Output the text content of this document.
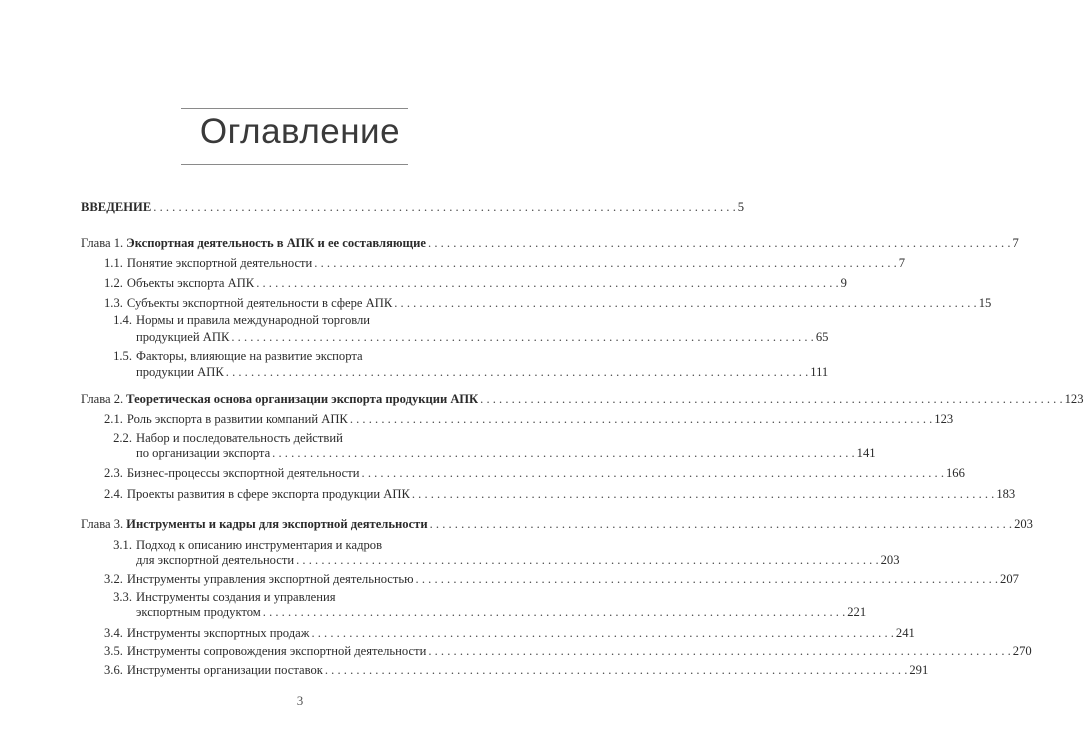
Оглавление
ВВЕДЕНИЕ . . .	5
Глава 1. Экспортная деятельность в АПК и ее составляющие . . .	7
1.1. Понятие экспортной деятельности . . .	7
1.2. Объекты экспорта АПК . . .	9
1.3. Субъекты экспортной деятельности в сфере АПК . . .	15
1.4. Нормы и правила международной торговли
продукцией АПК . . .	65
1.5. Факторы, влияющие на развитие экспорта
продукции АПК . . .	111
Глава 2. Теоретическая основа организации экспорта продукции АПК . . .	123
2.1. Роль экспорта в развитии компаний АПК . . .	123
2.2. Набор и последовательность действий
по организации экспорта . . .	141
2.3. Бизнес-процессы экспортной деятельности . . .	166
2.4. Проекты развития в сфере экспорта продукции АПК . . .	183
Глава 3. Инструменты и кадры для экспортной деятельности . . .	203
3.1. Подход к описанию инструментария и кадров
для экспортной деятельности . . .	203
3.2. Инструменты управления экспортной деятельностью . . .	207
3.3. Инструменты создания и управления
экспортным продуктом . . .	221
3.4. Инструменты экспортных продаж . . .	241
3.5. Инструменты сопровождения экспортной деятельности . . .	270
3.6. Инструменты организации поставок . . .	291
3
